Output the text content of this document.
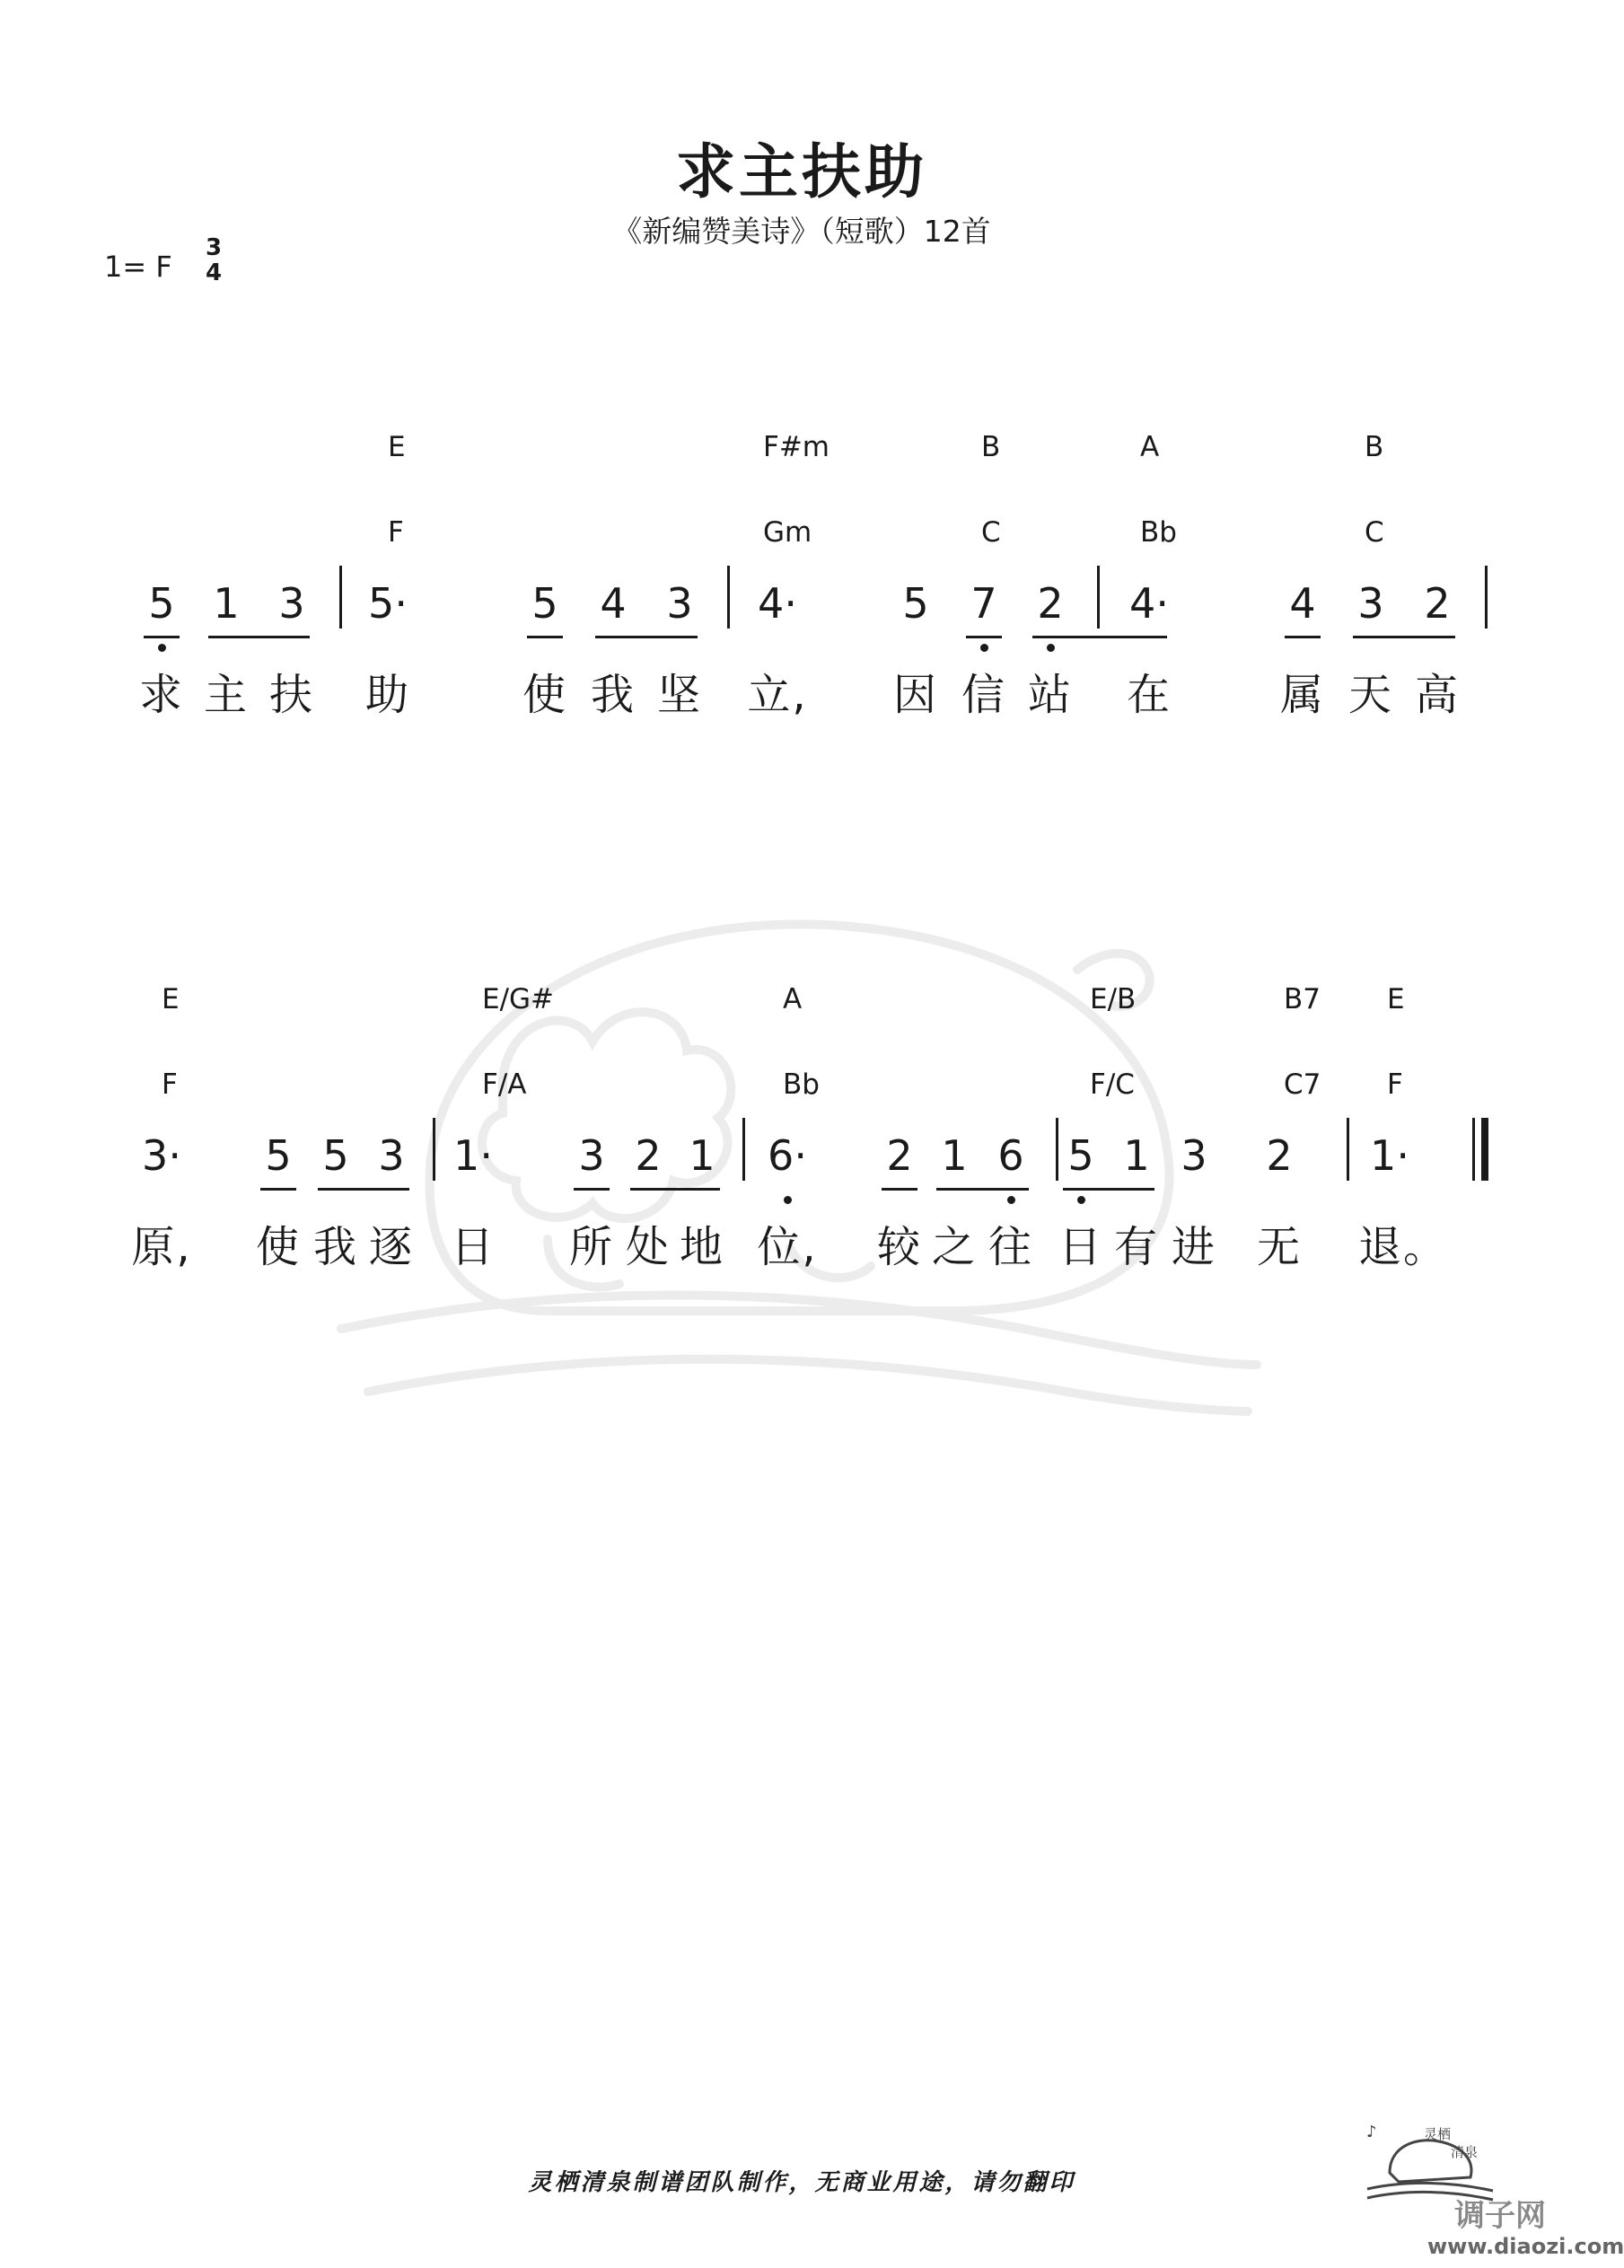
求主扶助
《新编赞美诗》（短歌）12首
1= F
3
4
E	F#m	B	A	B
F	Gm	C	Bb	C
5 1 3 5·	5 4 3 4·	5 7 2 4·	4 3 2
求 主 扶 助	使 我 坚 立, 因 信 站 在	属 天 高
E	E/G#	A	E/B	B7 E
F	F/A	Bb	F/C	C7 F
3· 5 5 3 1· 3 2 1 6· 2 1 6 5 1 3 2 1·
原, 使 我 逐 日 所 处 地 位, 较 之 往 日 有 进 无 退。
灵栖清泉制谱团队制作，无商业用途，请勿翻印
灵栖
清泉
♪
调子网
www.diaozi.com
